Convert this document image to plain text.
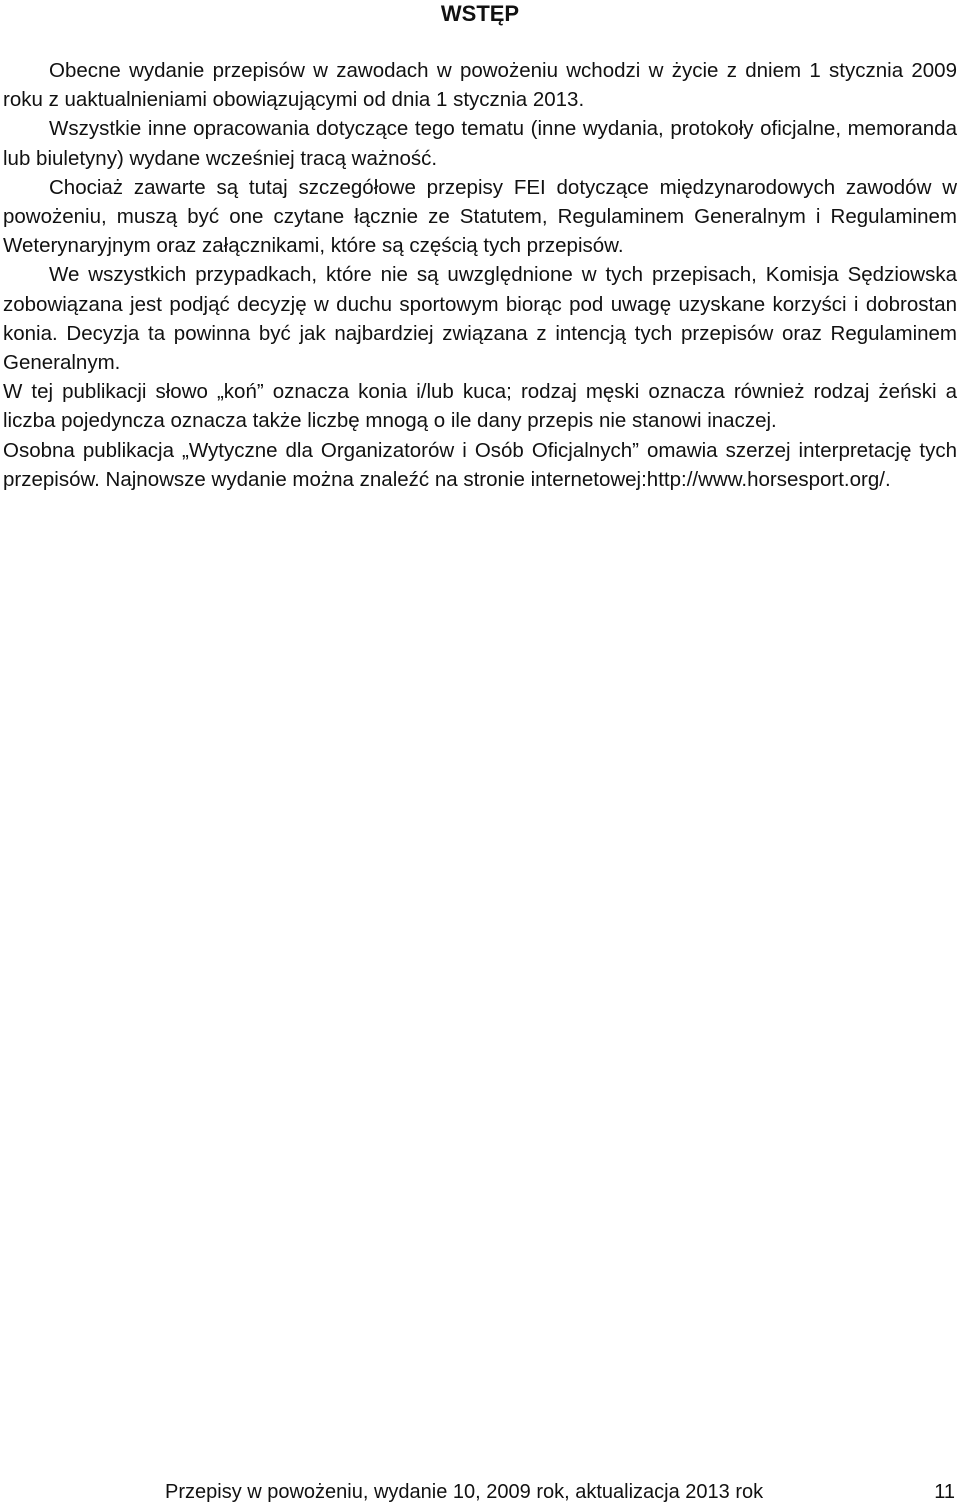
WSTĘP

Obecne wydanie przepisów w zawodach w powożeniu wchodzi w życie z dniem 1 stycznia 2009 roku z uaktualnieniami obowiązującymi od dnia 1 stycznia 2013.

Wszystkie inne opracowania dotyczące tego tematu (inne wydania, protokoły oficjalne, memoranda lub biuletyny) wydane wcześniej tracą ważność.

Chociaż zawarte są tutaj szczegółowe przepisy FEI dotyczące międzynarodowych zawodów w powożeniu, muszą być one czytane łącznie ze Statutem, Regulaminem Generalnym i Regulaminem Weterynaryjnym oraz załącznikami, które są częścią tych przepisów.

We wszystkich przypadkach, które nie są uwzględnione w tych przepisach, Komisja Sędziowska zobowiązana jest podjąć decyzję w duchu sportowym biorąc pod uwagę uzyskane korzyści i dobrostan konia. Decyzja ta powinna być jak najbardziej związana z intencją tych przepisów oraz Regulaminem Generalnym.

W tej publikacji słowo „koń” oznacza konia i/lub kuca; rodzaj męski oznacza również rodzaj żeński a liczba pojedyncza oznacza także liczbę mnogą o ile dany przepis nie stanowi inaczej.

Osobna publikacja „Wytyczne dla Organizatorów i Osób Oficjalnych” omawia szerzej interpretację tych przepisów. Najnowsze wydanie można znaleźć na stronie internetowej:http://www.horsesport.org/.

Przepisy w powożeniu, wydanie 10, 2009 rok, aktualizacja 2013 rok	11
